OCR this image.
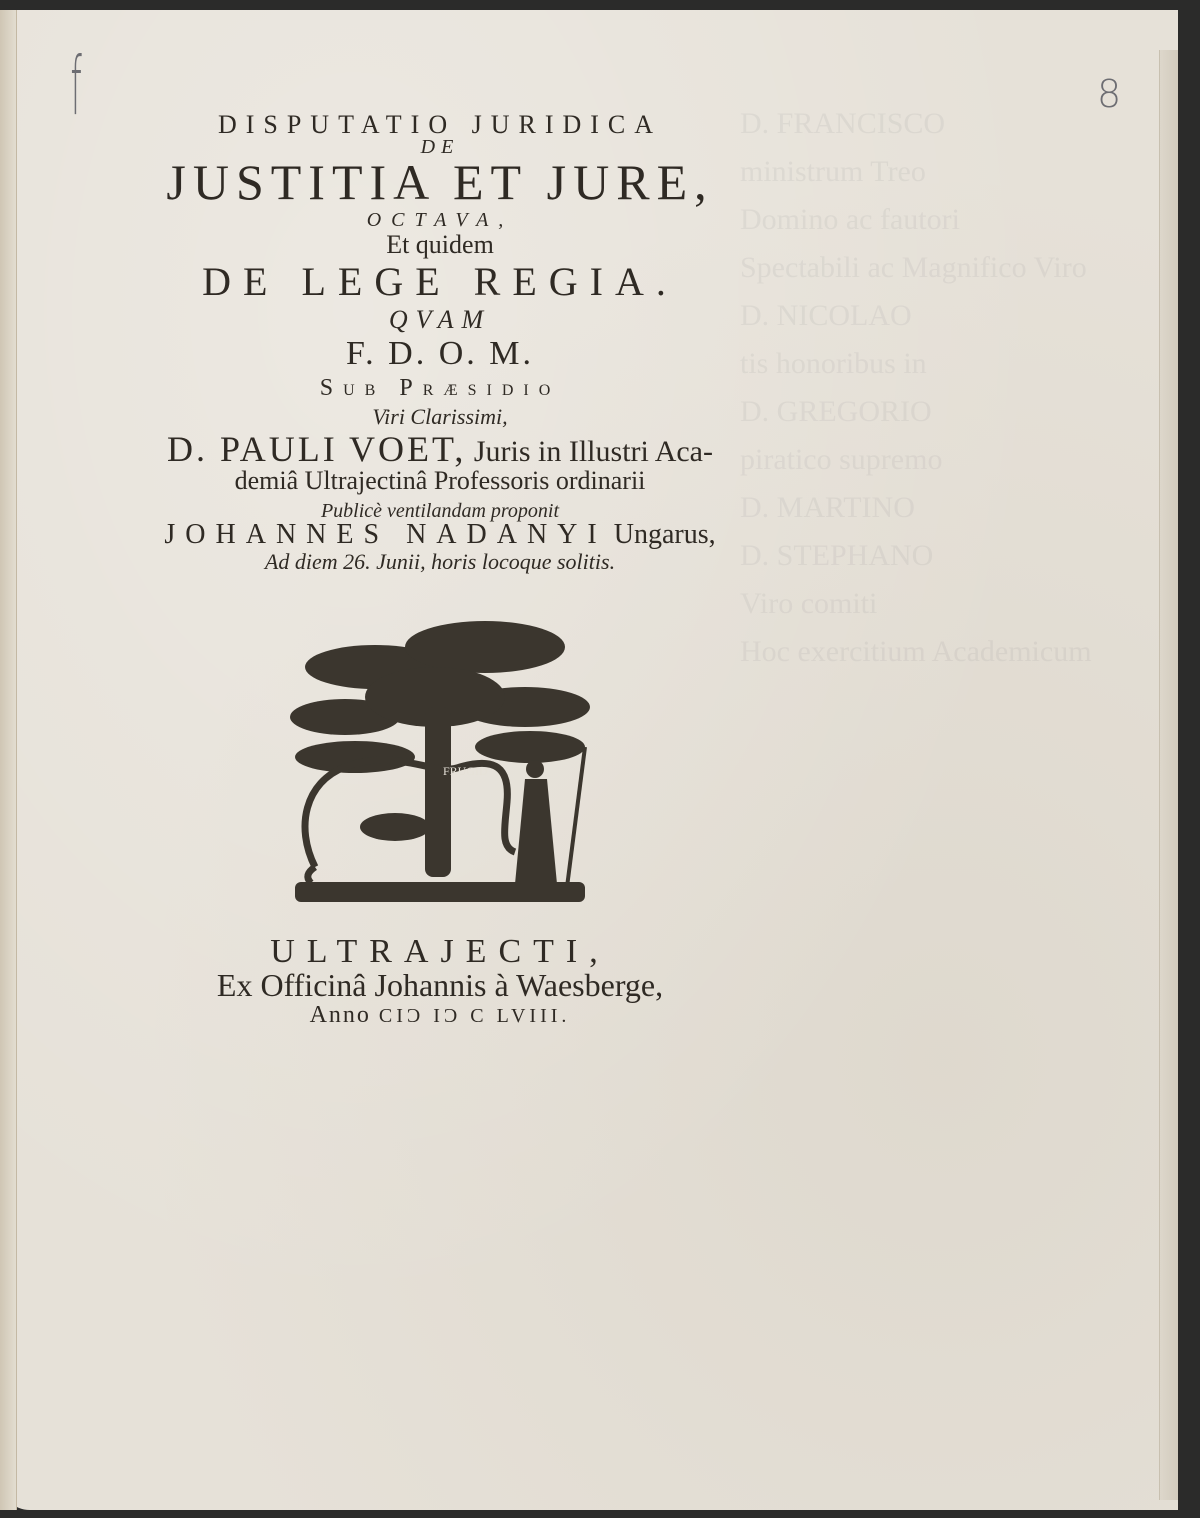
f	8
D. FRANCISCO
ministrum Treo
Domino ac fautori
Spectabili ac Magnifico Viro
D. NICOLAO
tis honoribus in
D. GREGORIO
piratico supremo
D. MARTINO
D. STEPHANO
Viro comiti
Hoc exercitium Academicum
DISPUTATIO JURIDICA
DE
JUSTITIA ET JURE,
OCTAVA,
Et quidem
DE LEGE REGIA.
QVAM
F. D. O. M.
SUB PRÆSIDIO
Viri Clarissimi,
D. PAULI VOET, Juris in Illustri Aca-
demiâ Ultrajectinâ Professoris ordinarii
Publicè ventilandam proponit
JOHANNES NADANYI Ungarus,
Ad diem 26. Junii, horis locoque solitis.
FRUGID
ULTRAJECTI,
Ex Officinâ Johannis à Waesberge,
Anno CIƆ IƆ C LVIII.
